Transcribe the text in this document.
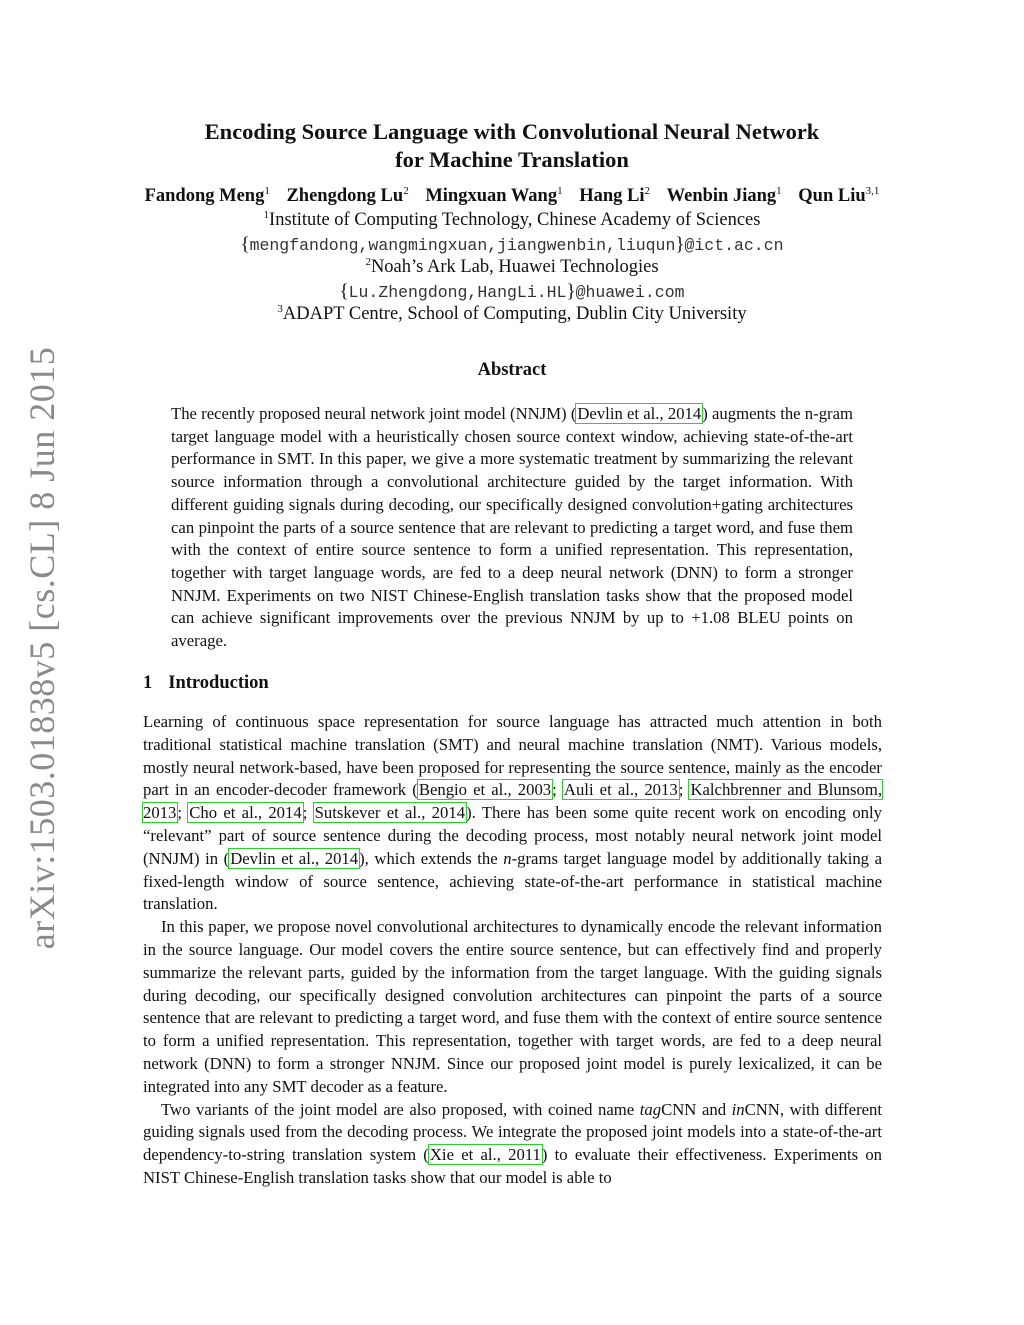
arXiv:1503.01838v5 [cs.CL] 8 Jun 2015
Encoding Source Language with Convolutional Neural Network
for Machine Translation
Fandong Meng$^1$ Zhengdong Lu$^2$ Mingxuan Wang$^1$ Hang Li$^2$ Wenbin Jiang$^1$ Qun Liu$^{3,1}$
$^1$Institute of Computing Technology, Chinese Academy of Sciences
{mengfandong,wangmingxuan,jiangwenbin,liuqun}@ict.ac.cn
$^2$Noah’s Ark Lab, Huawei Technologies
{Lu.Zhengdong,HangLi.HL}@huawei.com
$^3$ADAPT Centre, School of Computing, Dublin City University
Abstract
The recently proposed neural network joint model (NNJM) (Devlin et al., 2014) augments the n-gram target language model with a heuristically chosen source context window, achieving state-of-the-art performance in SMT. In this paper, we give a more systematic treatment by summarizing the relevant source information through a convolutional architecture guided by the target information. With different guiding signals during decoding, our specifically designed convolution+gating architectures can pinpoint the parts of a source sentence that are relevant to predicting a target word, and fuse them with the context of entire source sentence to form a unified representation. This representation, together with target language words, are fed to a deep neural network (DNN) to form a stronger NNJM. Experiments on two NIST Chinese-English translation tasks show that the proposed model can achieve significant improvements over the previous NNJM by up to +1.08 BLEU points on average.
1 Introduction

Learning of continuous space representation for source language has attracted much attention in both traditional statistical machine translation (SMT) and neural machine translation (NMT). Various models, mostly neural network-based, have been proposed for representing the source sentence, mainly as the encoder part in an encoder-decoder framework (Bengio et al., 2003; Auli et al., 2013; Kalchbrenner and Blunsom, 2013; Cho et al., 2014; Sutskever et al., 2014). There has been some quite recent work on encoding only “relevant” part of source sentence during the decoding process, most notably neural network joint model (NNJM) in (Devlin et al., 2014), which extends the n-grams target language model by additionally taking a fixed-length window of source sentence, achieving state-of-the-art performance in statistical machine translation.

In this paper, we propose novel convolutional architectures to dynamically encode the relevant information in the source language. Our model covers the entire source sentence, but can effectively find and properly summarize the relevant parts, guided by the information from the target language. With the guiding signals during decoding, our specifically designed convolution architectures can pinpoint the parts of a source sentence that are relevant to predicting a target word, and fuse them with the context of entire source sentence to form a unified representation. This representation, together with target words, are fed to a deep neural network (DNN) to form a stronger NNJM. Since our proposed joint model is purely lexicalized, it can be integrated into any SMT decoder as a feature.

Two variants of the joint model are also proposed, with coined name tagCNN and inCNN, with different guiding signals used from the decoding process. We integrate the proposed joint models into a state-of-the-art dependency-to-string translation system (Xie et al., 2011) to evaluate their effectiveness. Experiments on NIST Chinese-English translation tasks show that our model is able to
